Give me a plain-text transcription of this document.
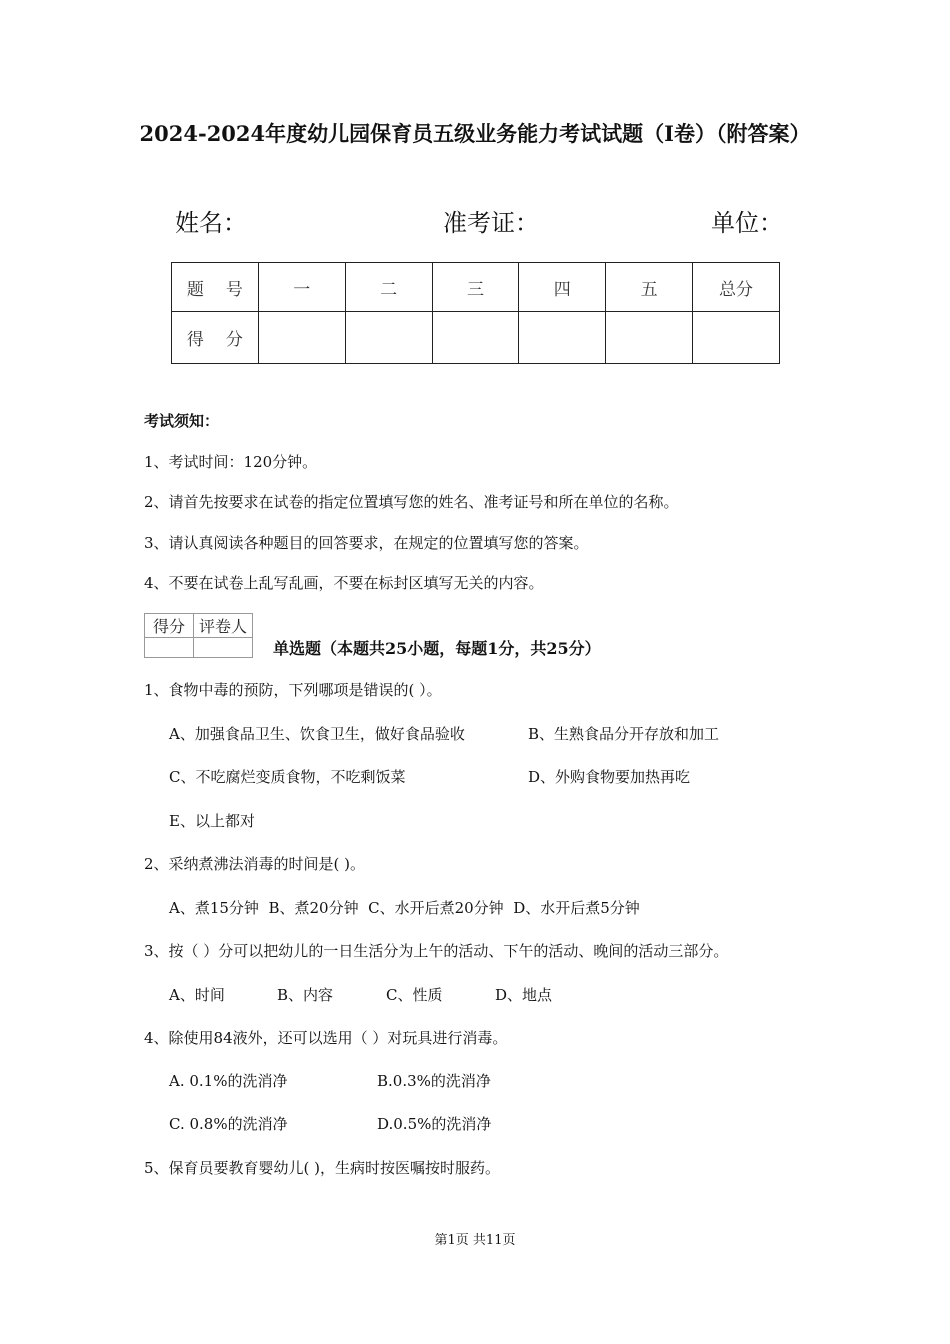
2024-2024年度幼儿园保育员五级业务能力考试试题（I卷）（附答案）
姓名：	准考证：	单位：
题 号	一	二	三	四	五	总分
得 分						
考试须知：
1、考试时间：120分钟。
2、请首先按要求在试卷的指定位置填写您的姓名、准考证号和所在单位的名称。
3、请认真阅读各种题目的回答要求，在规定的位置填写您的答案。
4、不要在试卷上乱写乱画，不要在标封区填写无关的内容。
得分	评卷人

单选题（本题共25小题，每题1分，共25分）
1、食物中毒的预防，下列哪项是错误的( ）。
A、加强食品卫生、饮食卫生，做好食品验收	B、生熟食品分开存放和加工
C、不吃腐烂变质食物，不吃剩饭菜	D、外购食物要加热再吃
E、以上都对
2、采纳煮沸法消毒的时间是( )。
A、煮15分钟  B、煮20分钟  C、水开后煮20分钟  D、水开后煮5分钟
3、按（ ）分可以把幼儿的一日生活分为上午的活动、下午的活动、晚间的活动三部分。
A、时间	B、内容	C、性质	D、地点
4、除使用84液外，还可以选用（ ）对玩具进行消毒。
A. 0.1%的洗消净	B.0.3%的洗消净
C. 0.8%的洗消净	D.0.5%的洗消净
5、保育员要教育婴幼儿( )，生病时按医嘱按时服药。
第1页 共11页
